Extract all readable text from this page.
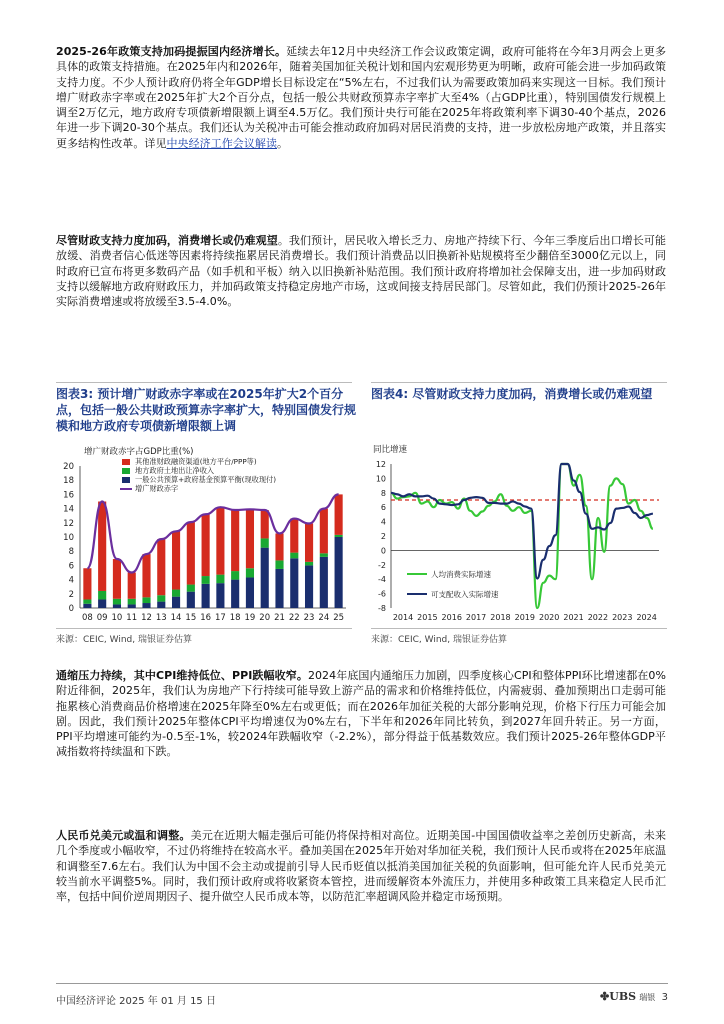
2025-26年政策支持加码提振国内经济增长。延续去年12月中央经济工作会议政策定调，政府可能将在今年3月两会上更多具体的政策支持措施。在2025年内和2026年，随着美国加征关税计划和国内宏观形势更为明晰，政府可能会进一步加码政策支持力度。不少人预计政府仍将全年GDP增长目标设定在“5%左右，不过我们认为需要政策加码来实现这一目标。我们预计增广财政赤字率或在2025年扩大2个百分点，包括一般公共财政预算赤字率扩大至4%（占GDP比重），特别国债发行规模上调至2万亿元，地方政府专项债新增限额上调至4.5万亿。我们预计央行可能在2025年将政策利率下调30-40个基点，2026年进一步下调20-30个基点。我们还认为关税冲击可能会推动政府加码对居民消费的支持，进一步放松房地产政策，并且落实更多结构性改革。详见中央经济工作会议解读。
尽管财政支持力度加码，消费增长或仍难观望。我们预计，居民收入增长乏力、房地产持续下行、今年三季度后出口增长可能放缓、消费者信心低迷等因素将持续拖累居民消费增长。我们预计消费品以旧换新补贴规模将至少翻倍至3000亿元以上，同时政府已宣布将更多数码产品（如手机和平板）纳入以旧换新补贴范围。我们预计政府将增加社会保障支出，进一步加码财政支持以缓解地方政府财政压力，并加码政策支持稳定房地产市场，这或间接支持居民部门。尽管如此，我们仍预计2025-26年实际消费增速或将放缓至3.5-4.0%。
图表3: 预计增广财政赤字率或在2025年扩大2个百分点，包括一般公共财政预算赤字率扩大，特别国债发行规模和地方政府专项债新增限额上调
图表4: 尽管财政支持力度加码，消费增长或仍难观望
增广财政赤字占GDP比重(%)
0
2
4
6
8
10
12
14
16
18
20
08 09 10 11 12 13 14 15 16 17 18 19 20 21 22 23 24 25
其他准财政融资渠道(地方平台/PPP等)
地方政府土地出让净收入
一般公共预算+政府基金预算平衡(现收现付)
增广财政赤字
来源：CEIC, Wind, 瑞银证券估算
同比增速
-8
-6
-4
-2
0
2
4
6
8
10
12
2014 2015 2016 2017 2018 2019 2020 2021 2022 2023 2024
人均消费实际增速
可支配收入实际增速
来源：CEIC, Wind, 瑞银证券估算
通缩压力持续，其中CPI维持低位、PPI跌幅收窄。2024年底国内通缩压力加剧，四季度核心CPI和整体PPI环比增速都在0%附近徘徊，2025年，我们认为房地产下行持续可能导致上游产品的需求和价格维持低位，内需疲弱、叠加预期出口走弱可能拖累核心消费商品价格增速在2025年降至0%左右或更低；而在2026年加征关税的大部分影响兑现，价格下行压力可能会加剧。因此，我们预计2025年整体CPI平均增速仅为0%左右，下半年和2026年同比转负，到2027年回升转正。另一方面，PPI平均增速可能约为-0.5至-1%，较2024年跌幅收窄（-2.2%），部分得益于低基数效应。我们预计2025-26年整体GDP平减指数将持续温和下跌。
人民币兑美元或温和调整。美元在近期大幅走强后可能仍将保持相对高位。近期美国-中国国债收益率之差创历史新高，未来几个季度或小幅收窄，不过仍将维持在较高水平。叠加美国在2025年开始对华加征关税，我们预计人民币或将在2025年底温和调整至7.6左右。我们认为中国不会主动或提前引导人民币贬值以抵消美国加征关税的负面影响，但可能允许人民币兑美元较当前水平调整5%。同时，我们预计政府或将收紧资本管控，进而缓解资本外流压力，并使用多种政策工具来稳定人民币汇率，包括中间价逆周期因子、提升做空人民币成本等，以防范汇率超调风险并稳定市场预期。
中国经济评论 2025 年 01 月 15 日	✤UBS 瑞银 3
